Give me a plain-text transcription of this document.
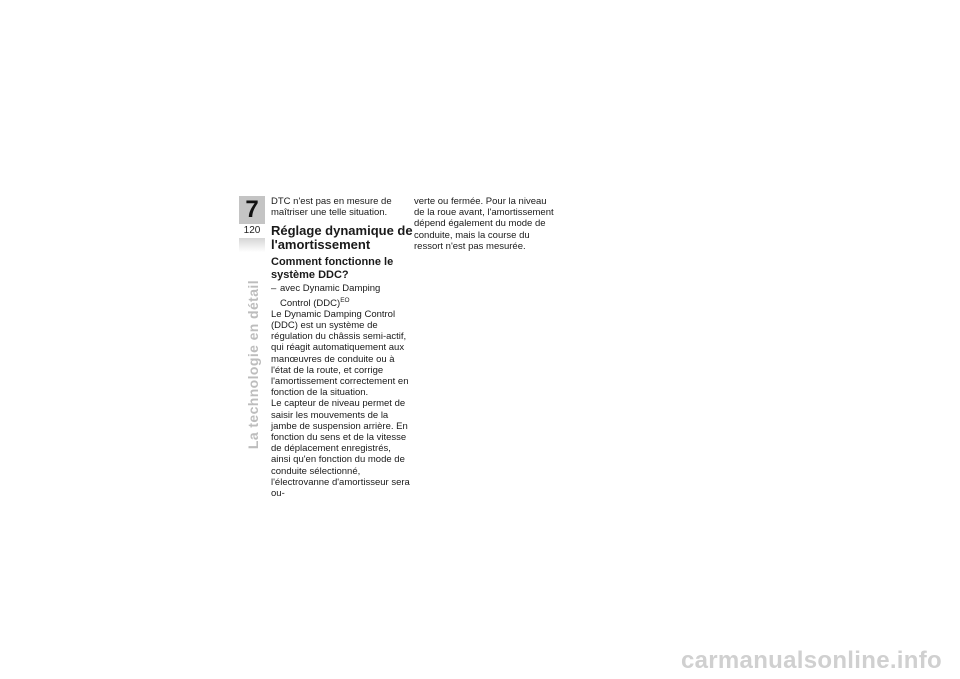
7
120
La technologie en détail

DTC n'est pas en mesure de maîtriser une telle situation.

Réglage dynamique de l'amortissement
Comment fonctionne le système DDC?
– avec Dynamic Damping Control (DDC)$^{EO}$

Le Dynamic Damping Control (DDC) est un système de régulation du châssis semi-actif, qui réagit automatiquement aux manœuvres de conduite ou à l'état de la route, et corrige l'amortissement correctement en fonction de la situation.

Le capteur de niveau permet de saisir les mouvements de la jambe de suspension arrière. En fonction du sens et de la vitesse de déplacement enregistrés, ainsi qu'en fonction du mode de conduite sélectionné, l'électrovanne d'amortisseur sera ou-

verte ou fermée. Pour la niveau de la roue avant, l'amortissement dépend également du mode de conduite, mais la course du ressort n'est pas mesurée.

carmanualsonline.info
